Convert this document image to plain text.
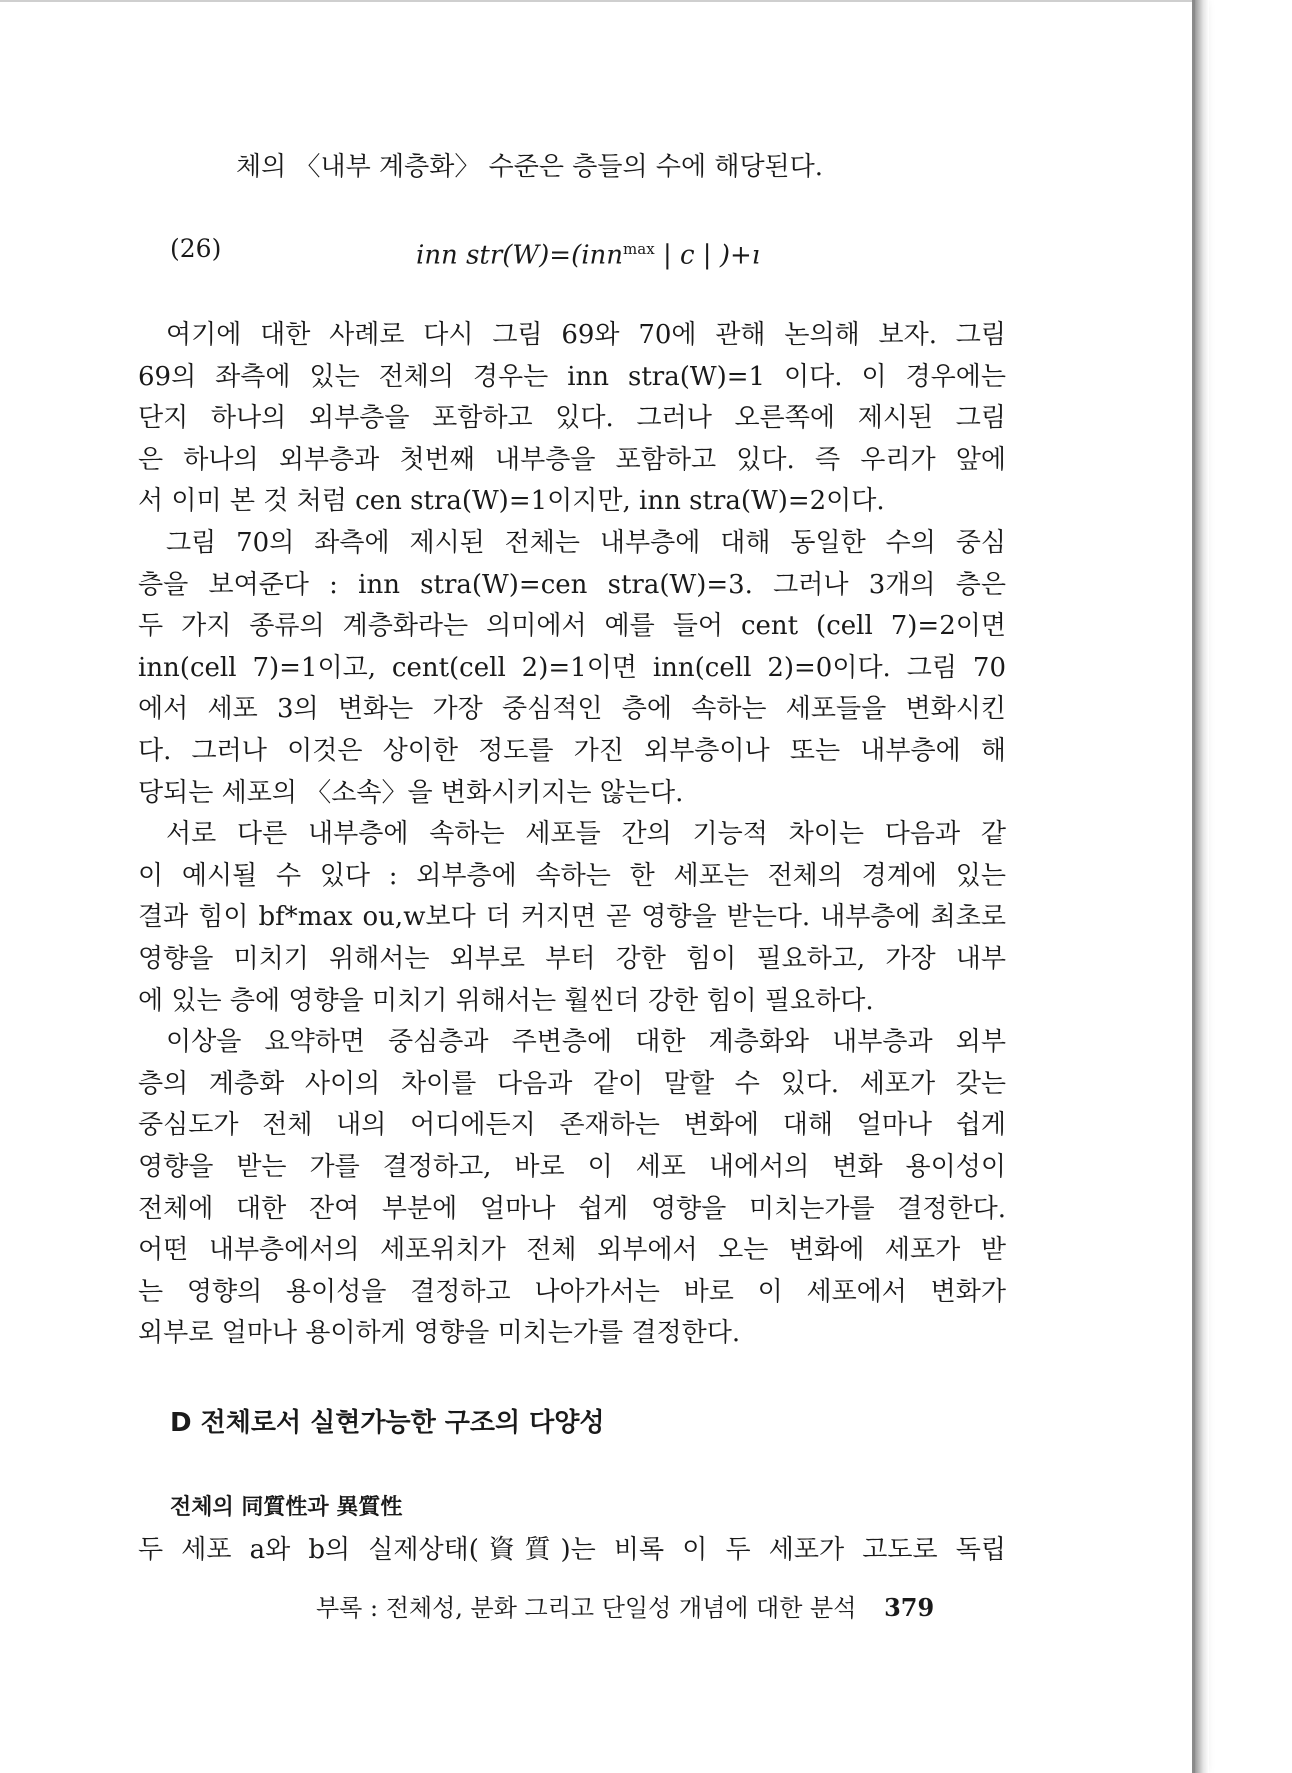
체의 〈내부 계층화〉 수준은 층들의 수에 해당된다.
(26)	inn str(W)=(inn$^{max}$ | c | )+ı
여기에 대한 사례로 다시 그림 69와 70에 관해 논의해 보자. 그림
69의 좌측에 있는 전체의 경우는 inn stra(W)=1 이다. 이 경우에는
단지 하나의 외부층을 포함하고 있다. 그러나 오른쪽에 제시된 그림
은 하나의 외부층과 첫번째 내부층을 포함하고 있다. 즉 우리가 앞에
서 이미 본 것 처럼 cen stra(W)=1이지만, inn stra(W)=2이다.
그림 70의 좌측에 제시된 전체는 내부층에 대해 동일한 수의 중심
층을 보여준다 : inn stra(W)=cen stra(W)=3. 그러나 3개의 층은
두 가지 종류의 계층화라는 의미에서 예를 들어 cent (cell 7)=2이면
inn(cell 7)=1이고, cent(cell 2)=1이면 inn(cell 2)=0이다. 그림 70
에서 세포 3의 변화는 가장 중심적인 층에 속하는 세포들을 변화시킨
다. 그러나 이것은 상이한 정도를 가진 외부층이나 또는 내부층에 해
당되는 세포의 〈소속〉을 변화시키지는 않는다.
서로 다른 내부층에 속하는 세포들 간의 기능적 차이는 다음과 같
이 예시될 수 있다 : 외부층에 속하는 한 세포는 전체의 경계에 있는
결과 힘이 bf*max ou,w보다 더 커지면 곧 영향을 받는다. 내부층에 최초로
영향을 미치기 위해서는 외부로 부터 강한 힘이 필요하고, 가장 내부
에 있는 층에 영향을 미치기 위해서는 훨씬더 강한 힘이 필요하다.
이상을 요약하면 중심층과 주변층에 대한 계층화와 내부층과 외부
층의 계층화 사이의 차이를 다음과 같이 말할 수 있다. 세포가 갖는
중심도가 전체 내의 어디에든지 존재하는 변화에 대해 얼마나 쉽게
영향을 받는 가를 결정하고, 바로 이 세포 내에서의 변화 용이성이
전체에 대한 잔여 부분에 얼마나 쉽게 영향을 미치는가를 결정한다.
어떤 내부층에서의 세포위치가 전체 외부에서 오는 변화에 세포가 받
는 영향의 용이성을 결정하고 나아가서는 바로 이 세포에서 변화가
외부로 얼마나 용이하게 영향을 미치는가를 결정한다.
D 전체로서 실현가능한 구조의 다양성
전체의 同質性과 異質性
두 세포 a와 b의 실제상태(資質)는 비록 이 두 세포가 고도로 독립
부록 : 전체성, 분화 그리고 단일성 개념에 대한 분석 379
